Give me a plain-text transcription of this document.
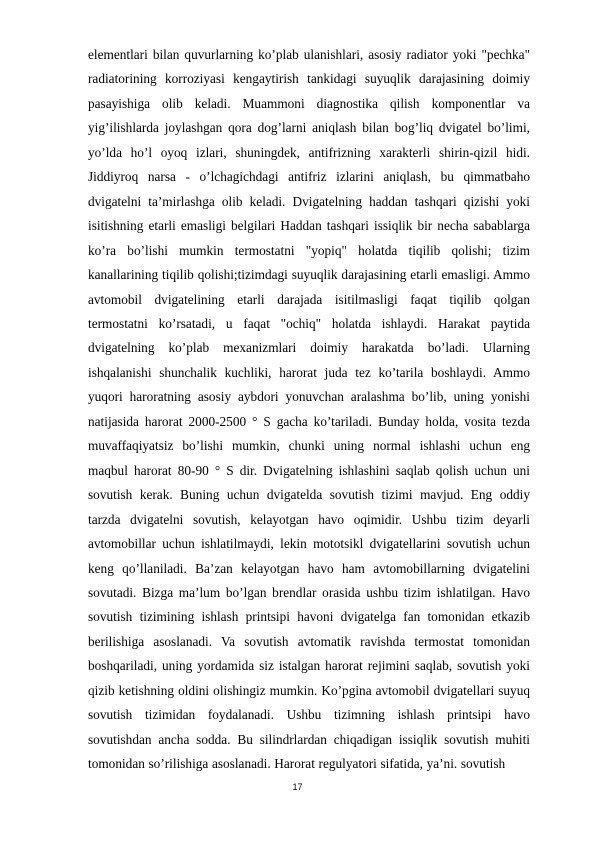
elementlari bilan quvurlarning ko’plab ulanishlari, asosiy radiator yoki "pechka" radiatorining korroziyasi kengaytirish tankidagi suyuqlik darajasining doimiy pasayishiga olib keladi. Muammoni diagnostika qilish komponentlar va yig’ilishlarda joylashgan qora dog’larni aniqlash bilan bog’liq dvigatel bo’limi, yo’lda ho’l oyoq izlari, shuningdek, antifrizning xarakterli shirin-qizil hidi. Jiddiyroq narsa - o’lchagichdagi antifriz izlarini aniqlash, bu qimmatbaho dvigatelni ta’mirlashga olib keladi. Dvigatelning haddan tashqari qizishi yoki isitishning etarli emasligi belgilari Haddan tashqari issiqlik bir necha sabablarga ko’ra bo’lishi mumkin termostatni "yopiq" holatda tiqilib qolishi; tizim kanallarining tiqilib qolishi;tizimdagi suyuqlik darajasining etarli emasligi. Ammo avtomobil dvigatelining etarli darajada isitilmasligi faqat tiqilib qolgan termostatni ko’rsatadi, u faqat "ochiq" holatda ishlaydi. Harakat paytida dvigatelning ko’plab mexanizmlari doimiy harakatda bo’ladi. Ularning ishqalanishi shunchalik kuchliki, harorat juda tez ko’tarila boshlaydi. Ammo yuqori haroratning asosiy aybdori yonuvchan aralashma bo’lib, uning yonishi natijasida harorat 2000-2500 ° S gacha ko’tariladi. Bunday holda, vosita tezda muvaffaqiyatsiz bo’lishi mumkin, chunki uning normal ishlashi uchun eng maqbul harorat 80-90 ° S dir. Dvigatelning ishlashini saqlab qolish uchun uni sovutish kerak. Buning uchun dvigatelda sovutish tizimi mavjud. Eng oddiy tarzda dvigatelni sovutish, kelayotgan havo oqimidir. Ushbu tizim deyarli avtomobillar uchun ishlatilmaydi, lekin mototsikl dvigatellarini sovutish uchun keng qo’llaniladi. Ba’zan kelayotgan havo ham avtomobillarning dvigatelini sovutadi. Bizga ma’lum bo’lgan brendlar orasida ushbu tizim ishlatilgan. Havo sovutish tizimining ishlash printsipi havoni dvigatelga fan tomonidan etkazib berilishiga asoslanadi. Va sovutish avtomatik ravishda termostat tomonidan boshqariladi, uning yordamida siz istalgan harorat rejimini saqlab, sovutish yoki qizib ketishning oldini olishingiz mumkin. Ko’pgina avtomobil dvigatellari suyuq sovutish tizimidan foydalanadi. Ushbu tizimning ishlash printsipi havo sovutishdan ancha sodda. Bu silindrlardan chiqadigan issiqlik sovutish muhiti tomonidan so’rilishiga asoslanadi. Harorat regulyatori sifatida, ya’ni. sovutish

17
